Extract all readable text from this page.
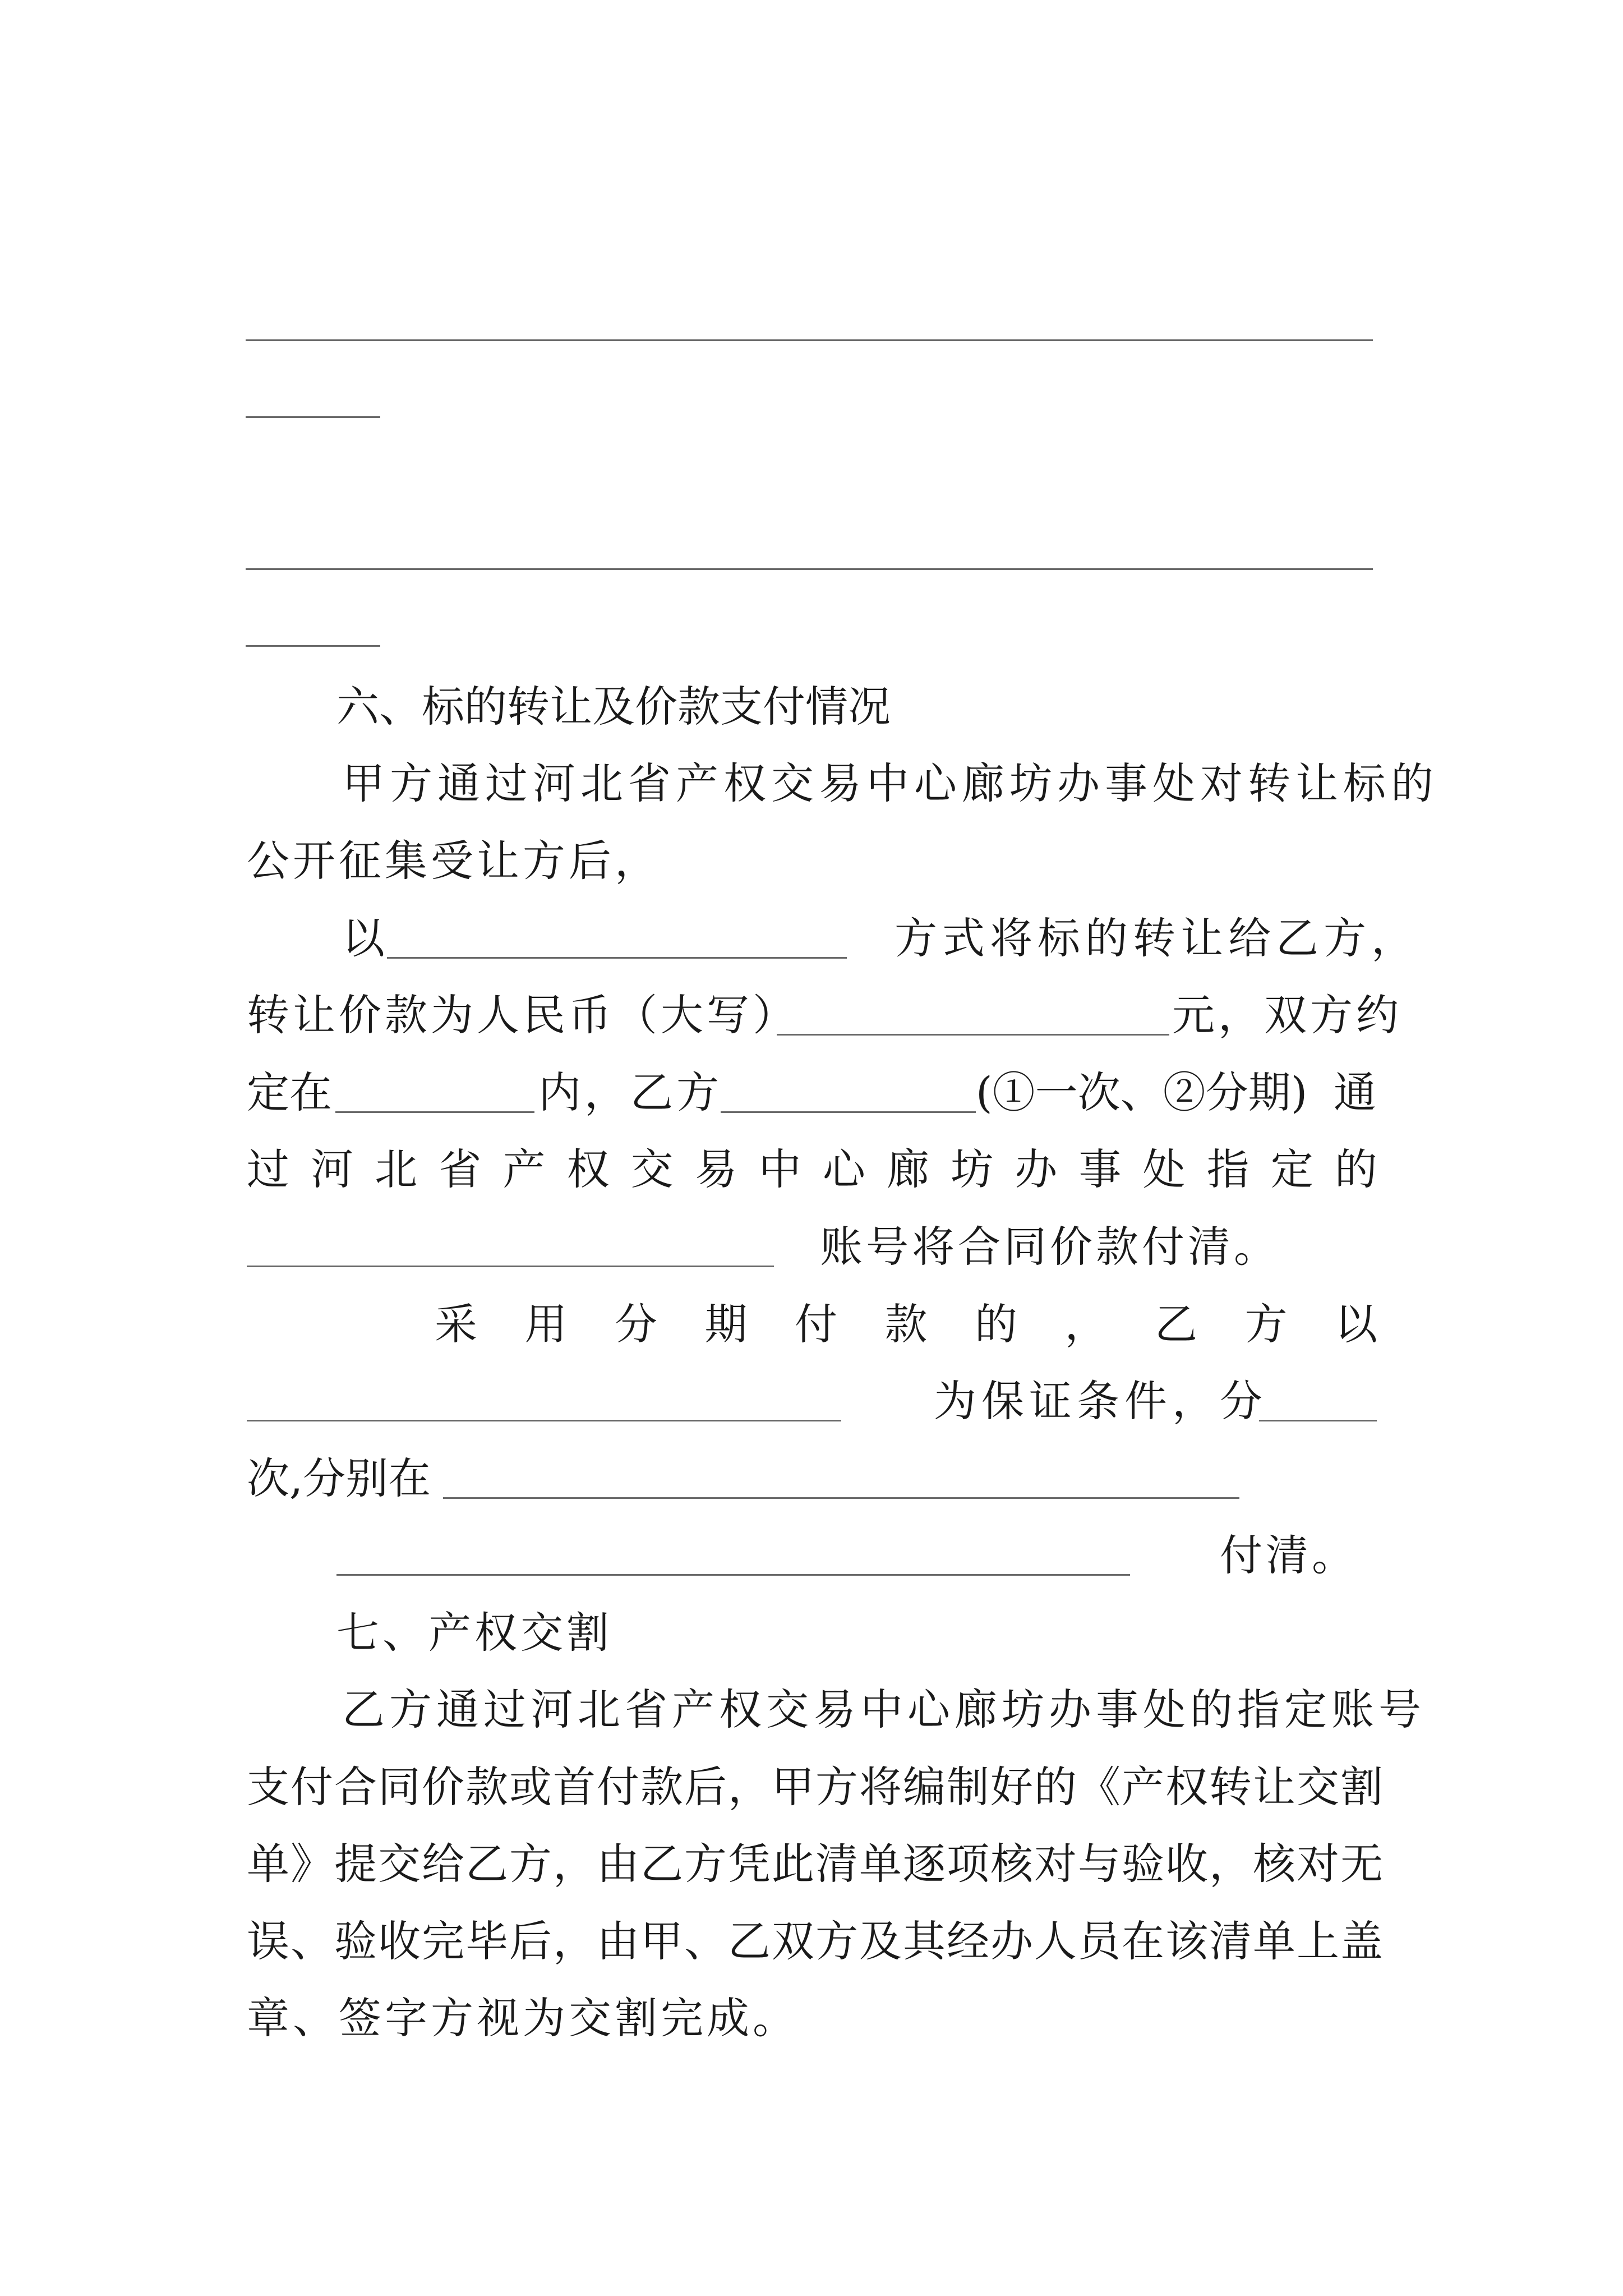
六、标的转让及价款支付情况
甲方通过河北省产权交易中心廊坊办事处对转让标的
公开征集受让方后，
以	方式将标的转让给乙方，
转让价款为人民币（大写）	元，双方约
定在	内，乙方	(①一次、②分期) 通
过 河 北 省 产 权 交 易 中 心 廊 坊 办 事 处 指 定 的
账号将合同价款付清。
采 用 分 期 付 款 的 ， 乙 方 以
为保证条件，分
次,分别在
付清。
七、产权交割
乙方通过河北省产权交易中心廊坊办事处的指定账号
支付合同价款或首付款后，甲方将编制好的《产权转让交割
单》提交给乙方，由乙方凭此清单逐项核对与验收，核对无
误、验收完毕后，由甲、乙双方及其经办人员在该清单上盖
章、签字方视为交割完成。
